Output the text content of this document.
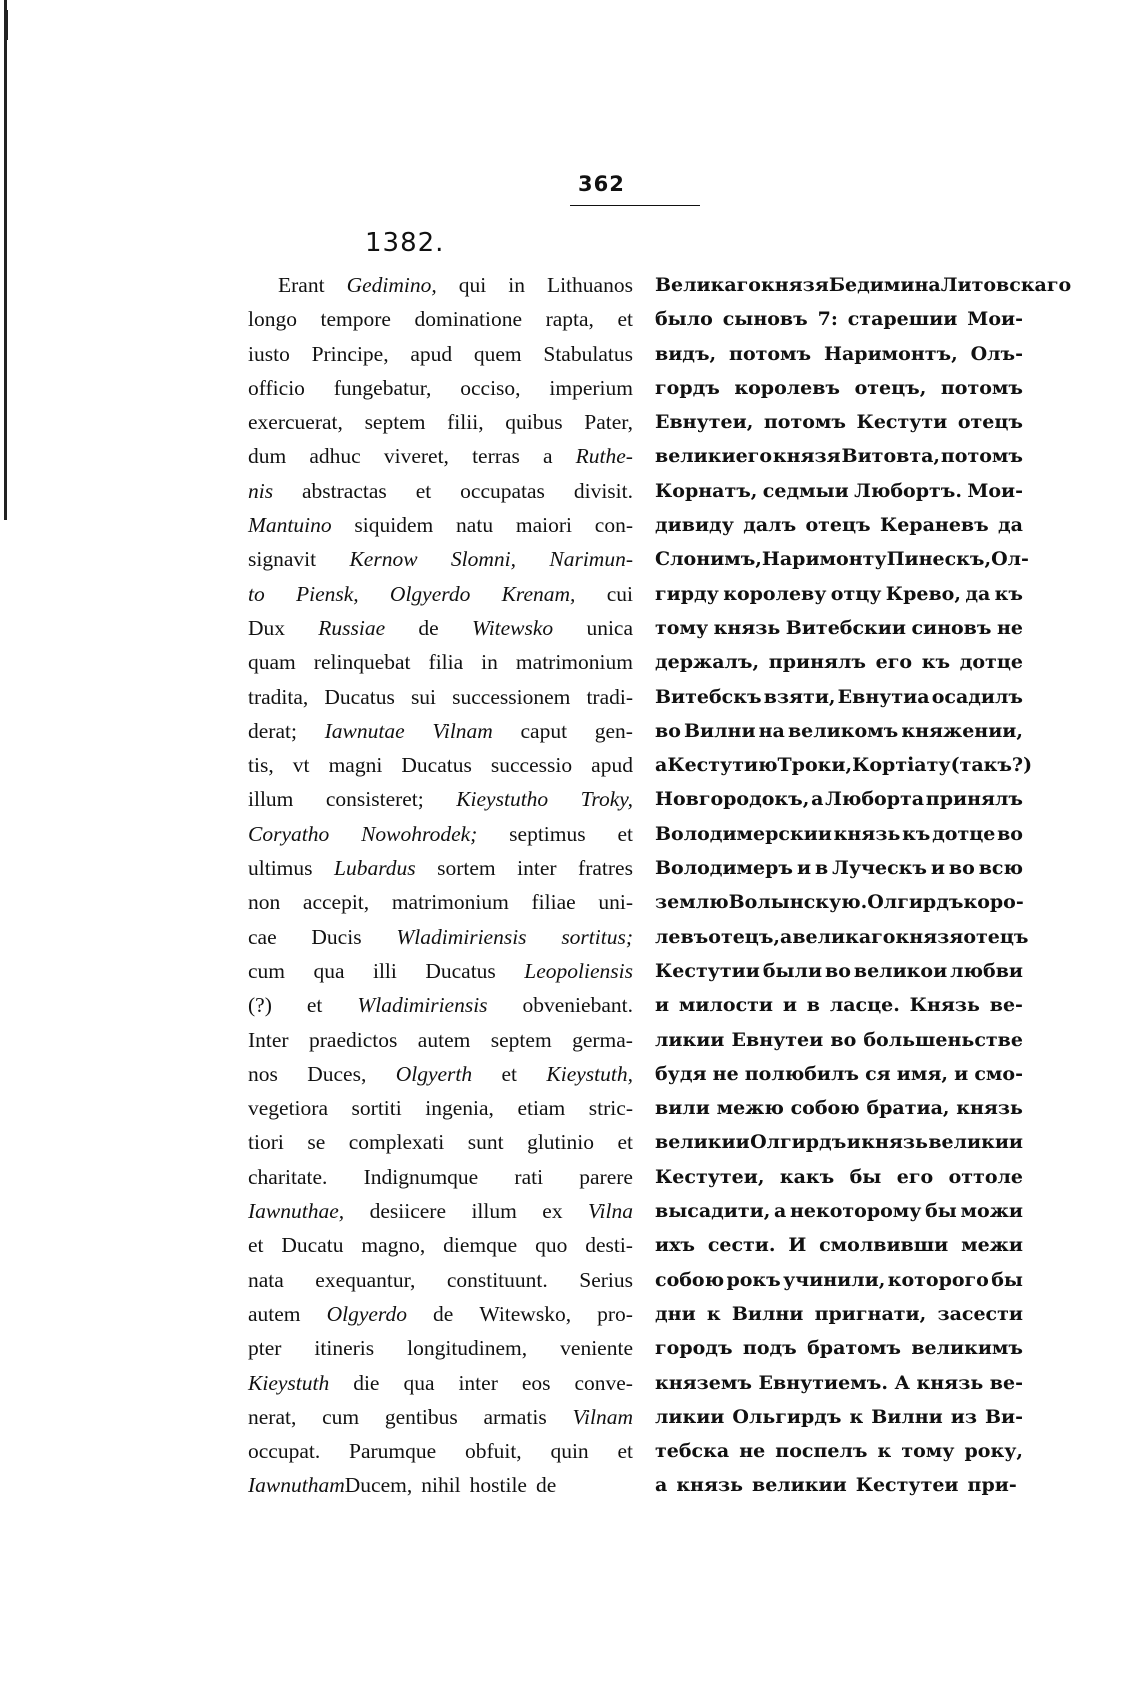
362
1382.
Erant Gedimino, qui in Lithuanos
longo tempore dominatione rapta, et
iusto Principe, apud quem Stabulatus
officio fungebatur, occiso, imperium
exercuerat, septem filii, quibus Pater,
dum adhuc viveret, terras a Ruthe-
nis abstractas et occupatas divisit.
Mantuino siquidem natu maiori con-
signavit Kernow Slomni, Narimun-
to Piensk, Olgyerdo Krenam, cui
Dux Russiae de Witewsko unica
quam relinquebat filia in matrimonium
tradita, Ducatus sui successionem tradi-
derat; Iawnutae Vilnam caput gen-
tis, vt magni Ducatus successio apud
illum consisteret; Kieystutho Troky,
Coryatho Nowohrodek; septimus et
ultimus Lubardus sortem inter fratres
non accepit, matrimonium filiae uni-
cae Ducis Wladimiriensis sortitus;
cum qua illi Ducatus Leopoliensis
(?) et Wladimiriensis obveniebant.
Inter praedictos autem septem germa-
nos Duces, Olgyerth et Kieystuth,
vegetiora sortiti ingenia, etiam stric-
tiori se complexati sunt glutinio et
charitate. Indignumque rati parere
Iawnuthae, desiicere illum ex Vilna
et Ducatu magno, diemque quo desti-
nata exequantur, constituunt. Serius
autem Olgyerdo de Witewsko, pro-
pter itineris longitudinem, veniente
Kieystuth die qua inter eos conve-
nerat, cum gentibus armatis Vilnam
occupat. Parumque obfuit, quin et
Iawnutham Ducem, nihil hostile de
Великаго князя Бедимина Литовскаго
было сыновъ 7: старешии Мои-
видъ, потомъ Наримонтъ, Олъ-
гордъ королевъ отецъ, потомъ
Евнутеи, потомъ Кестути отецъ
великиего князя Витовта, потомъ
Корнатъ, седмыи Любортъ. Мои-
дивиду далъ отецъ Кераневъ да
Слонимъ, Наримонту Пинескъ, Ол-
гирду королеву отцу Крево, да къ
тому князь Витебскии синовъ не
держалъ, принялъ его къ дотце
Витебскъ взяти, Евнутиа осадилъ
во Вилни на великомъ княжении,
а Кестутию Троки, Кортіату (такъ?)
Новгородокъ, а Люборта принялъ
Володимерскии князь къ дотце во
Володимеръ и в Луческъ и во всю
землю Волынскую. Олгирдъ коро-
левъ отецъ, а великаго князя отецъ
Кестутии были во великои любви
и милости и в ласце. Князь ве-
ликии Евнутеи во большеньстве
будя не полюбилъ ся имя, и смо-
вили межю собою братиа, князь
великии Олгирдъ и князь великии
Кестутеи, какъ бы его оттоле
высадити, а некоторому бы можи
ихъ сести. И смолвивши межи
собою рокъ учинили, которого бы
дни к Вилни пригнати, засести
городъ подъ братомъ великимъ
княземъ Евнутиемъ. А князь ве-
ликии Ольгирдъ к Вилни из Ви-
тебска не поспелъ к тому року,
а князь великии Кестутеи при-
